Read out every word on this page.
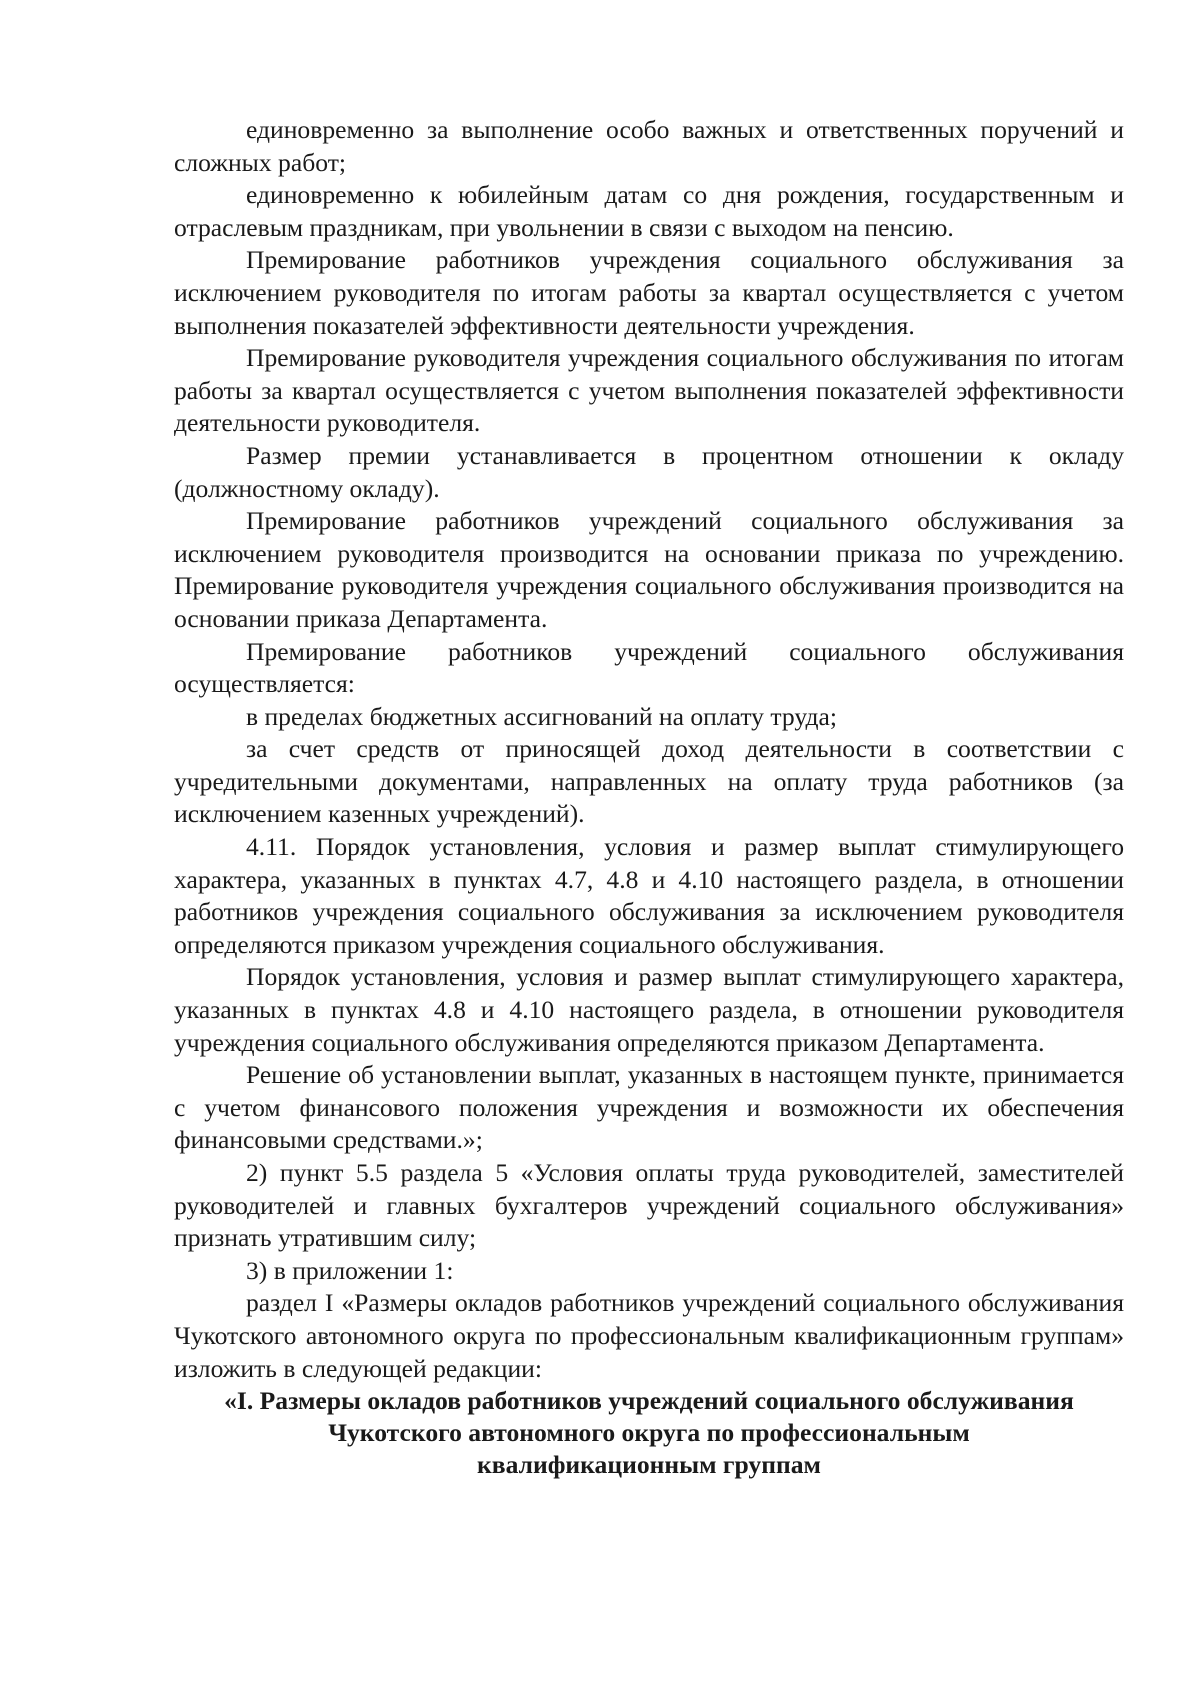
единовременно за выполнение особо важных и ответственных поручений и сложных работ;

единовременно к юбилейным датам со дня рождения, государственным и отраслевым праздникам, при увольнении в связи с выходом на пенсию.

Премирование работников учреждения социального обслуживания за исключением руководителя по итогам работы за квартал осуществляется с учетом выполнения показателей эффективности деятельности учреждения.

Премирование руководителя учреждения социального обслуживания по итогам работы за квартал осуществляется с учетом выполнения показателей эффективности деятельности руководителя.

Размер премии устанавливается в процентном отношении к окладу (должностному окладу).

Премирование работников учреждений социального обслуживания за исключением руководителя производится на основании приказа по учреждению. Премирование руководителя учреждения социального обслуживания производится на основании приказа Департамента.

Премирование работников учреждений социального обслуживания осуществляется:

в пределах бюджетных ассигнований на оплату труда;

за счет средств от приносящей доход деятельности в соответствии с учредительными документами, направленных на оплату труда работников (за исключением казенных учреждений).

4.11. Порядок установления, условия и размер выплат стимулирующего характера, указанных в пунктах 4.7, 4.8 и 4.10 настоящего раздела, в отношении работников учреждения социального обслуживания за исключением руководителя определяются приказом учреждения социального обслуживания.

Порядок установления, условия и размер выплат стимулирующего характера, указанных в пунктах 4.8 и 4.10 настоящего раздела, в отношении руководителя учреждения социального обслуживания определяются приказом Департамента.

Решение об установлении выплат, указанных в настоящем пункте, принимается с учетом финансового положения учреждения и возможности их обеспечения финансовыми средствами.»;

2) пункт 5.5 раздела 5 «Условия оплаты труда руководителей, заместителей руководителей и главных бухгалтеров учреждений социального обслуживания» признать утратившим силу;

3) в приложении 1:

раздел I «Размеры окладов работников учреждений социального обслуживания Чукотского автономного округа по профессиональным квалификационным группам» изложить в следующей редакции:

«I. Размеры окладов работников учреждений социального обслуживания
Чукотского автономного округа по профессиональным
квалификационным группам
